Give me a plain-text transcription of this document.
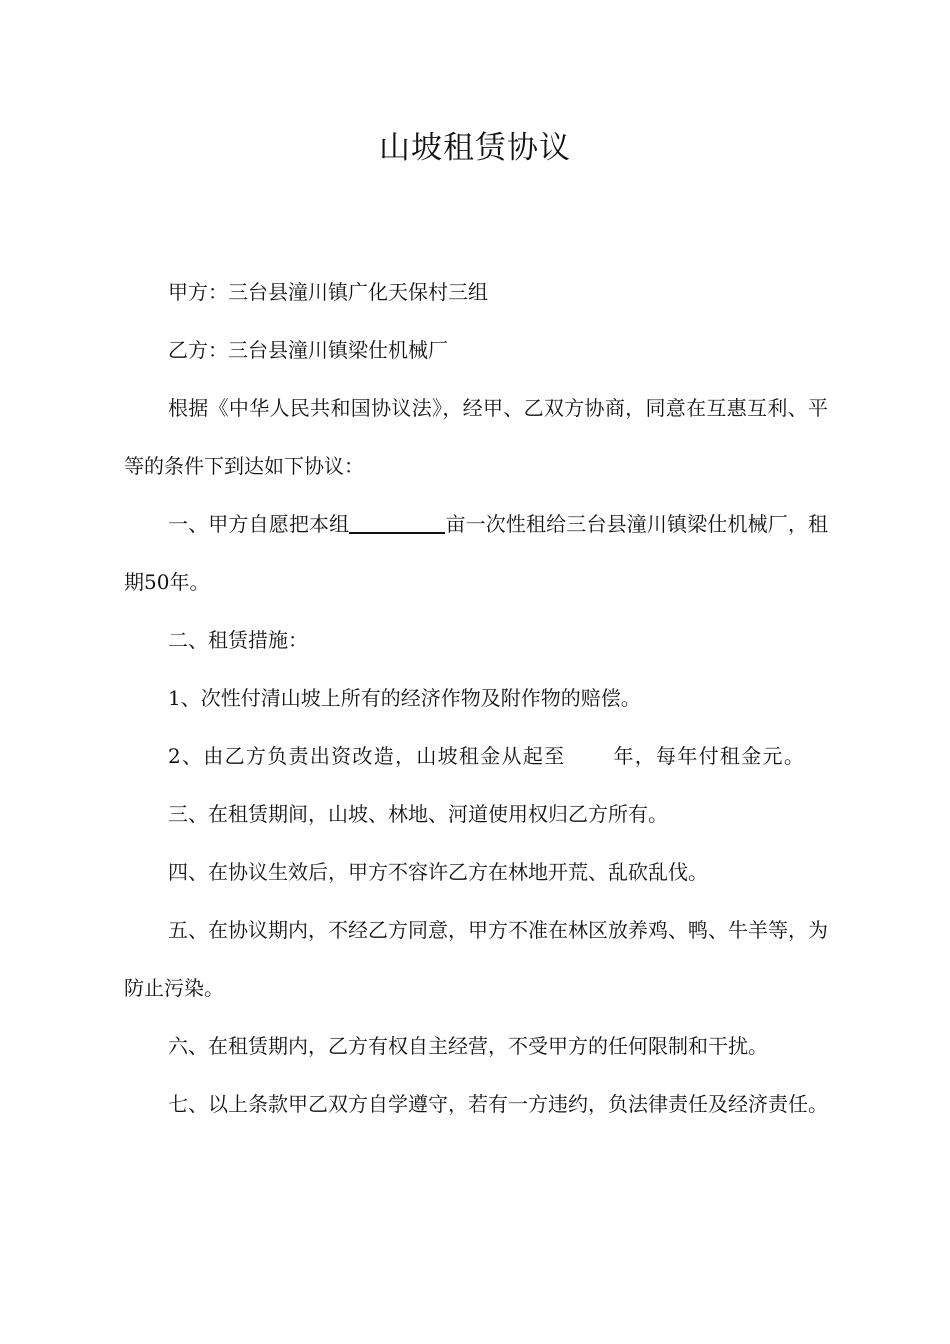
山坡租赁协议

甲方：三台县潼川镇广化天保村三组

乙方：三台县潼川镇梁仕机械厂

根据《中华人民共和国协议法》，经甲、乙双方协商，同意在互惠互利、平等的条件下到达如下协议：

一、甲方自愿把本组	亩一次性租给三台县潼川镇梁仕机械厂，租期50年。

二、租赁措施：

1、次性付清山坡上所有的经济作物及附作物的赔偿。

2、由乙方负责出资改造，山坡租金从起至 年，每年付租金元。

三、在租赁期间，山坡、林地、河道使用权归乙方所有。

四、在协议生效后，甲方不容许乙方在林地开荒、乱砍乱伐。

五、在协议期内，不经乙方同意，甲方不准在林区放养鸡、鸭、牛羊等，为防止污染。

六、在租赁期内，乙方有权自主经营，不受甲方的任何限制和干扰。

七、以上条款甲乙双方自学遵守，若有一方违约，负法律责任及经济责任。
